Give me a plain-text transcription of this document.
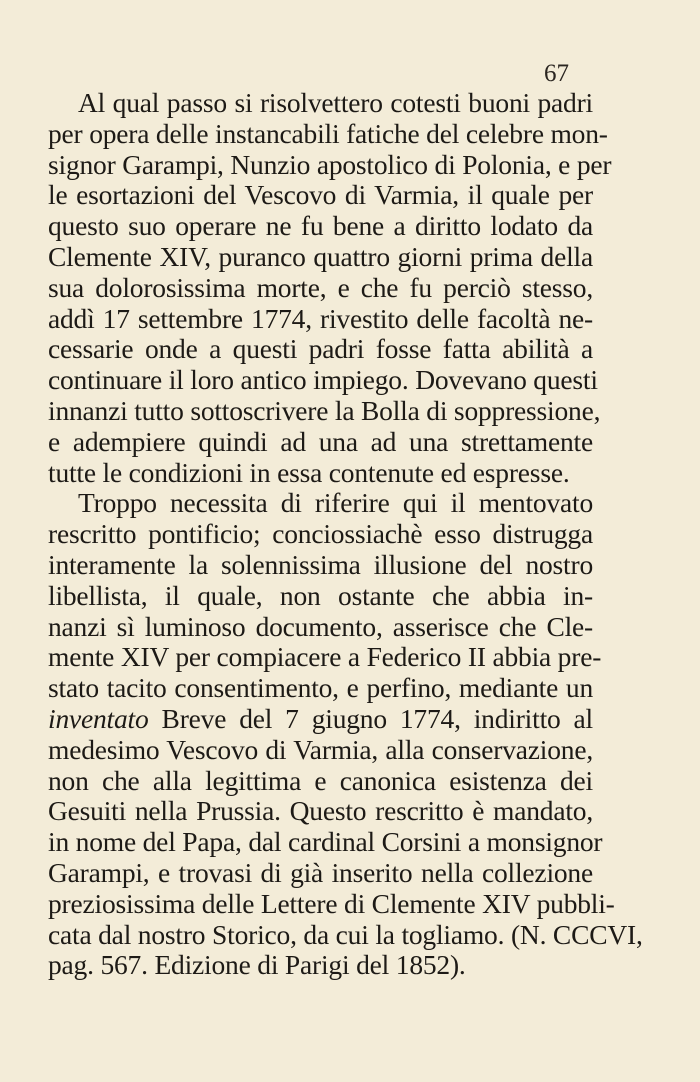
67
Al qual passo si risolvettero cotesti buoni padri
per opera delle instancabili fatiche del celebre mon-
signor Garampi, Nunzio apostolico di Polonia, e per
le esortazioni del Vescovo di Varmia, il quale per
questo suo operare ne fu bene a diritto lodato da
Clemente XIV, puranco quattro giorni prima della
sua dolorosissima morte, e che fu perciò stesso,
addì 17 settembre 1774, rivestito delle facoltà ne-
cessarie onde a questi padri fosse fatta abilità a
continuare il loro antico impiego. Dovevano questi
innanzi tutto sottoscrivere la Bolla di soppressione,
e adempiere quindi ad una ad una strettamente
tutte le condizioni in essa contenute ed espresse.
Troppo necessita di riferire qui il mentovato
rescritto pontificio; conciossiachè esso distrugga
interamente la solennissima illusione del nostro
libellista, il quale, non ostante che abbia in-
nanzi sì luminoso documento, asserisce che Cle-
mente XIV per compiacere a Federico II abbia pre-
stato tacito consentimento, e perfino, mediante un
inventato Breve del 7 giugno 1774, indiritto al
medesimo Vescovo di Varmia, alla conservazione,
non che alla legittima e canonica esistenza dei
Gesuiti nella Prussia. Questo rescritto è mandato,
in nome del Papa, dal cardinal Corsini a monsignor
Garampi, e trovasi di già inserito nella collezione
preziosissima delle Lettere di Clemente XIV pubbli-
cata dal nostro Storico, da cui la togliamo. (N. CCCVI,
pag. 567. Edizione di Parigi del 1852).
